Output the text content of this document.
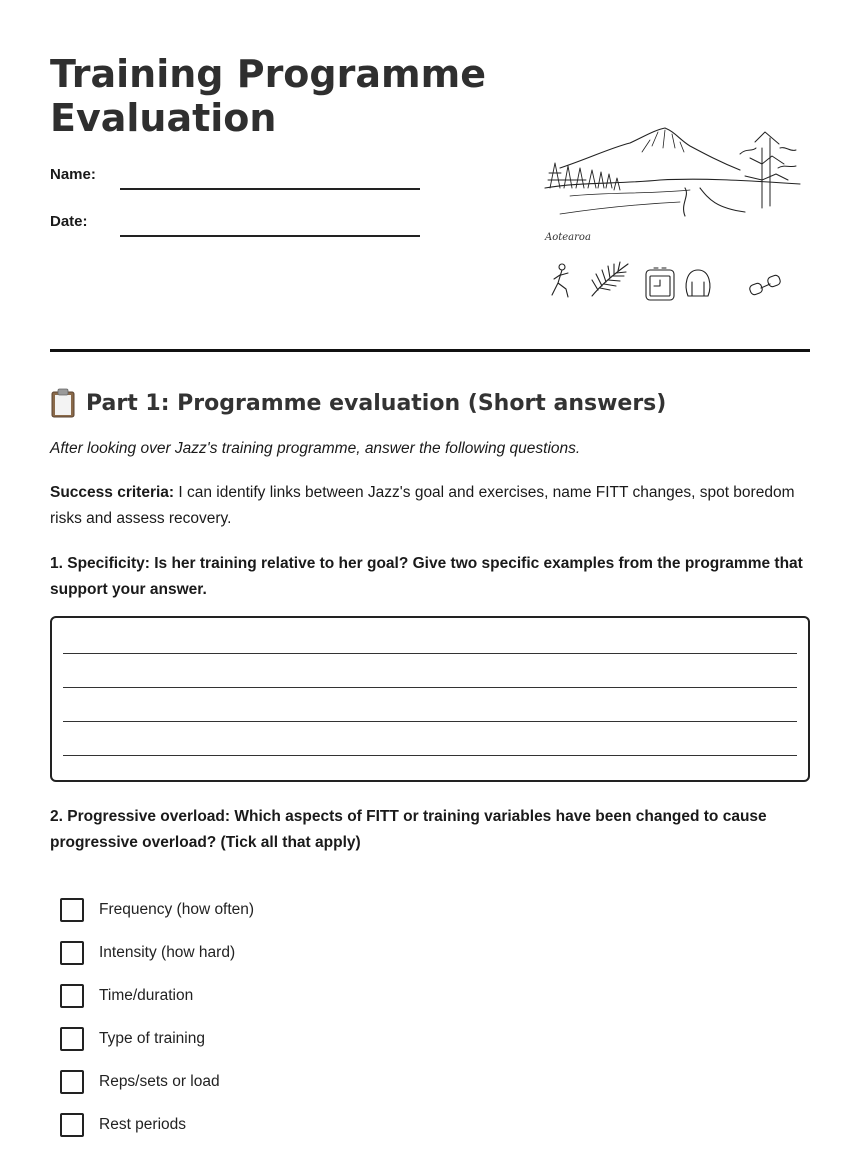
Training Programme
Evaluation
Name:
Date:
Aotearoa
Part 1: Programme evaluation (Short answers)

After looking over Jazz's training programme, answer the following questions.

Success criteria: I can identify links between Jazz's goal and exercises, name FITT changes, spot boredom risks and assess recovery.

1. Specificity: Is her training relative to her goal? Give two specific examples from the programme that support your answer.

2. Progressive overload: Which aspects of FITT or training variables have been changed to cause progressive overload? (Tick all that apply)

Frequency (how often)
Intensity (how hard)
Time/duration
Type of training
Reps/sets or load
Rest periods
